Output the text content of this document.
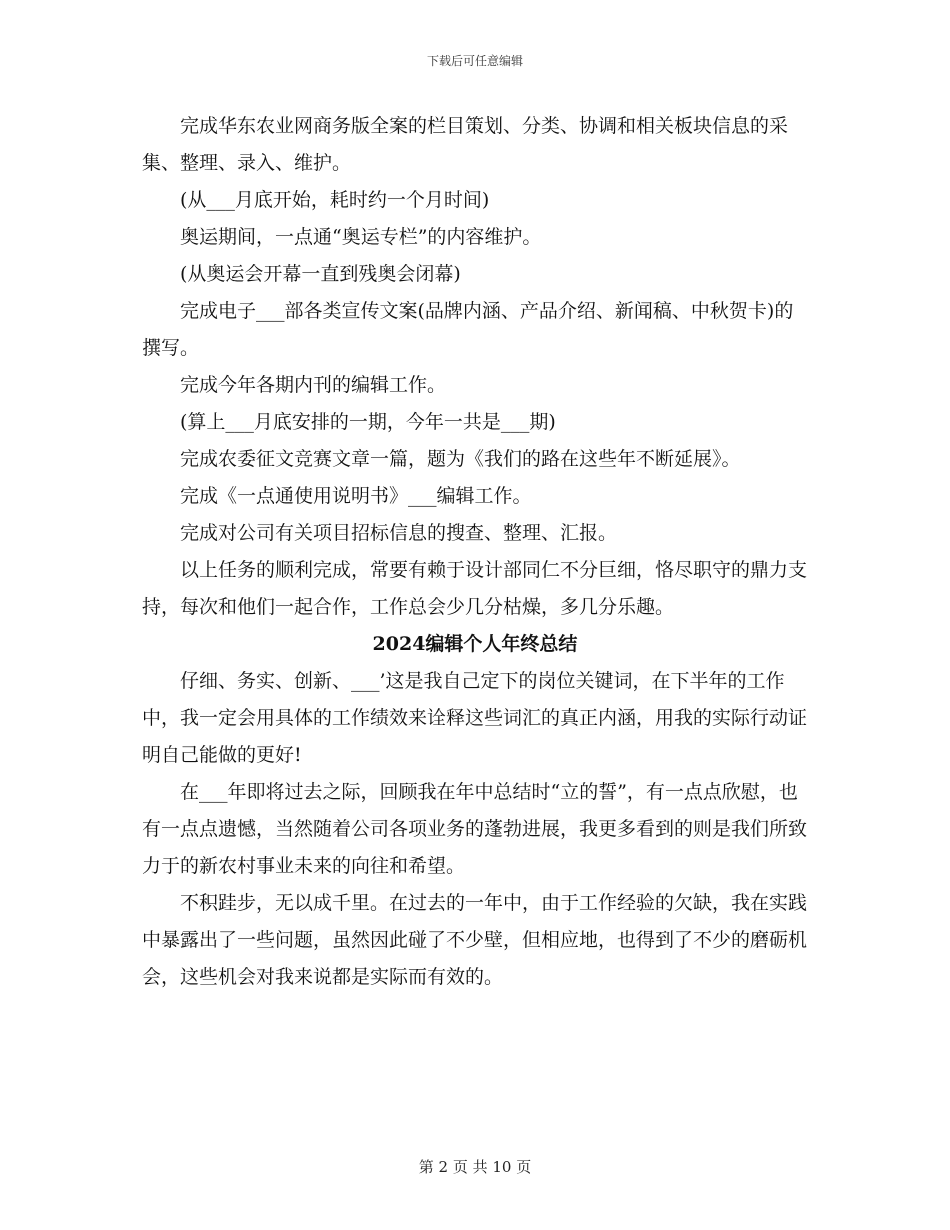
下载后可任意编辑

完成华东农业网商务版全案的栏目策划、分类、协调和相关板块信息的采集、整理、录入、维护。

(从___月底开始，耗时约一个月时间)

奥运期间，一点通“奥运专栏”的内容维护。

(从奥运会开幕一直到残奥会闭幕)

完成电子___部各类宣传文案(品牌内涵、产品介绍、新闻稿、中秋贺卡)的撰写。

完成今年各期内刊的编辑工作。

(算上___月底安排的一期，今年一共是___期)

完成农委征文竞赛文章一篇，题为《我们的路在这些年不断延展》。

完成《一点通使用说明书》___编辑工作。

完成对公司有关项目招标信息的搜查、整理、汇报。

以上任务的顺利完成，常要有赖于设计部同仁不分巨细，恪尽职守的鼎力支持，每次和他们一起合作，工作总会少几分枯燥，多几分乐趣。

2024编辑个人年终总结

仔细、务实、创新、___’这是我自己定下的岗位关键词，在下半年的工作中，我一定会用具体的工作绩效来诠释这些词汇的真正内涵，用我的实际行动证明自己能做的更好!

在___年即将过去之际，回顾我在年中总结时“立的誓”，有一点点欣慰，也有一点点遗憾，当然随着公司各项业务的蓬勃进展，我更多看到的则是我们所致力于的新农村事业未来的向往和希望。

不积跬步，无以成千里。在过去的一年中，由于工作经验的欠缺，我在实践中暴露出了一些问题，虽然因此碰了不少壁，但相应地，也得到了不少的磨砺机会，这些机会对我来说都是实际而有效的。

第 2 页 共 10 页
